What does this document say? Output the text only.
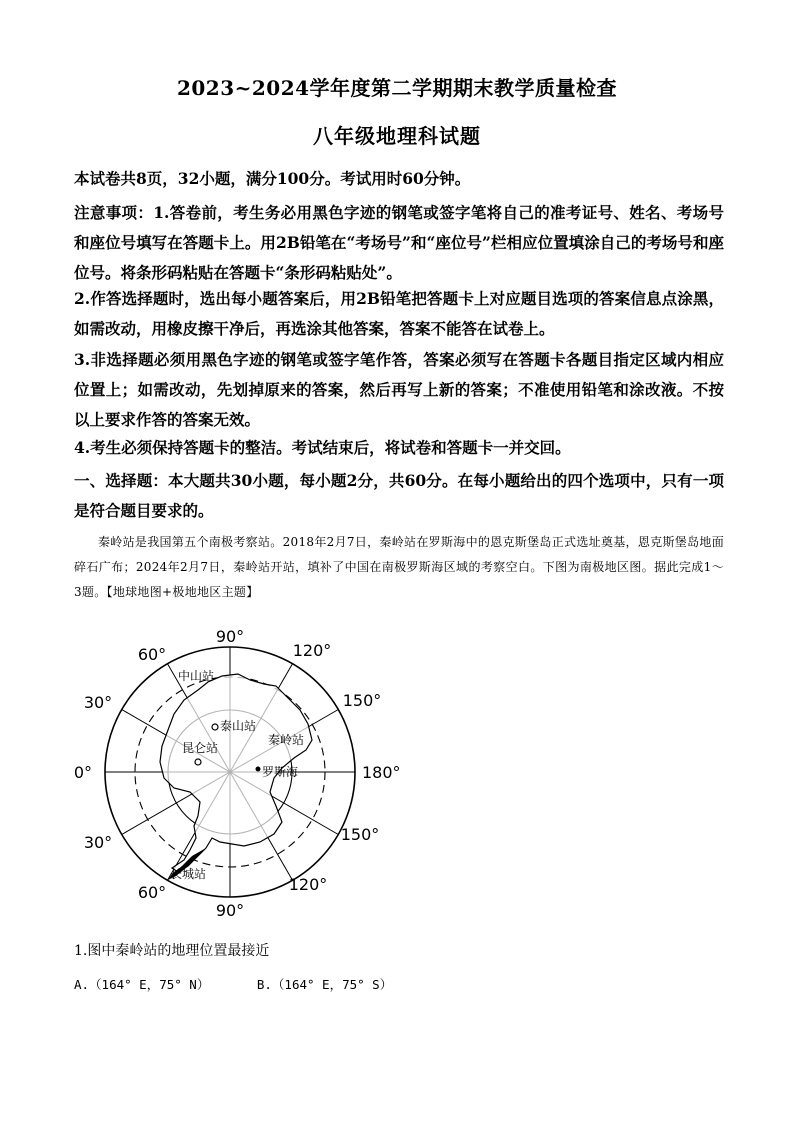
2023~2024学年度第二学期期末教学质量检查
八年级地理科试题

本试卷共8页，32小题，满分100分。考试用时60分钟。

注意事项：1.答卷前，考生务必用黑色字迹的钢笔或签字笔将自己的准考证号、姓名、考场号和座位号填写在答题卡上。用2B铅笔在“考场号”和“座位号”栏相应位置填涂自己的考场号和座位号。将条形码粘贴在答题卡“条形码粘贴处”。

2.作答选择题时，选出每小题答案后，用2B铅笔把答题卡上对应题目选项的答案信息点涂黑，如需改动，用橡皮擦干净后，再选涂其他答案，答案不能答在试卷上。

3.非选择题必须用黑色字迹的钢笔或签字笔作答，答案必须写在答题卡各题目指定区域内相应位置上；如需改动，先划掉原来的答案，然后再写上新的答案；不准使用铅笔和涂改液。不按以上要求作答的答案无效。

4.考生必须保持答题卡的整洁。考试结束后，将试卷和答题卡一并交回。

一、选择题：本大题共30小题，每小题2分，共60分。在每小题给出的四个选项中，只有一项是符合题目要求的。

秦岭站是我国第五个南极考察站。2018年2月7日，秦岭站在罗斯海中的恩克斯堡岛正式选址奠基，恩克斯堡岛地面碎石广布；2024年2月7日，秦岭站开站，填补了中国在南极罗斯海区域的考察空白。下图为南极地区图。据此完成1～3题。【地球地图+极地地区主题】

90°
90°
0°	180°
60°
30°
30°
60°
120°
150°
150°
120°
中山站
泰山站
昆仑站
秦岭站
罗斯海
长城站

1.图中秦岭站的地理位置最接近

A.（164° E，75° N）	B.（164° E，75° S）
